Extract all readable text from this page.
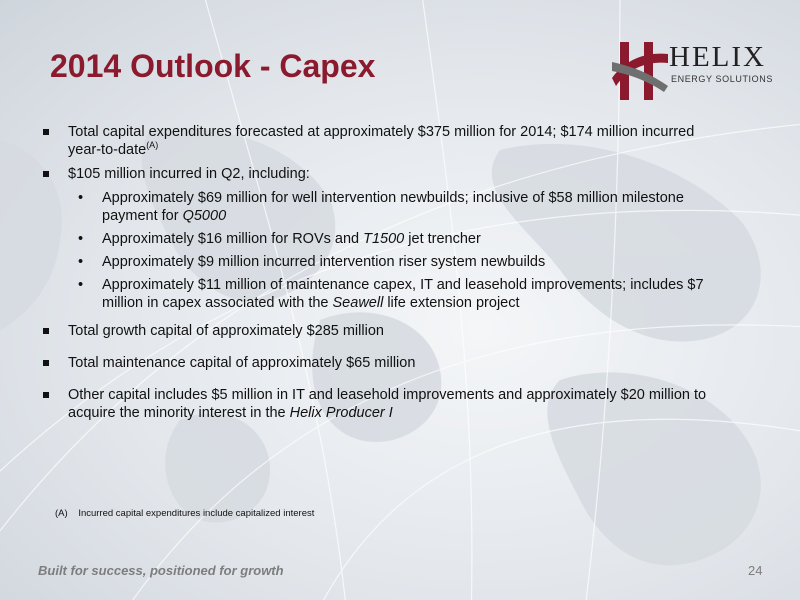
2014 Outlook - Capex	HELIX
ENERGY SOLUTIONS
Total capital expenditures forecasted at approximately $375 million for 2014; $174 million incurred year-to-date$^{(A)}$
$105 million incurred in Q2, including:
• Approximately $69 million for well intervention newbuilds; inclusive of $58 million milestone payment for Q5000
• Approximately $16 million for ROVs and T1500 jet trencher
• Approximately $9 million incurred intervention riser system newbuilds
• Approximately $11 million of maintenance capex, IT and leasehold improvements; includes $7 million in capex associated with the Seawell life extension project
Total growth capital of approximately $285 million
Total maintenance capital of approximately $65 million
Other capital includes $5 million in IT and leasehold improvements and approximately $20 million to acquire the minority interest in the Helix Producer I
(A) Incurred capital expenditures include capitalized interest
Built for success, positioned for growth	24
